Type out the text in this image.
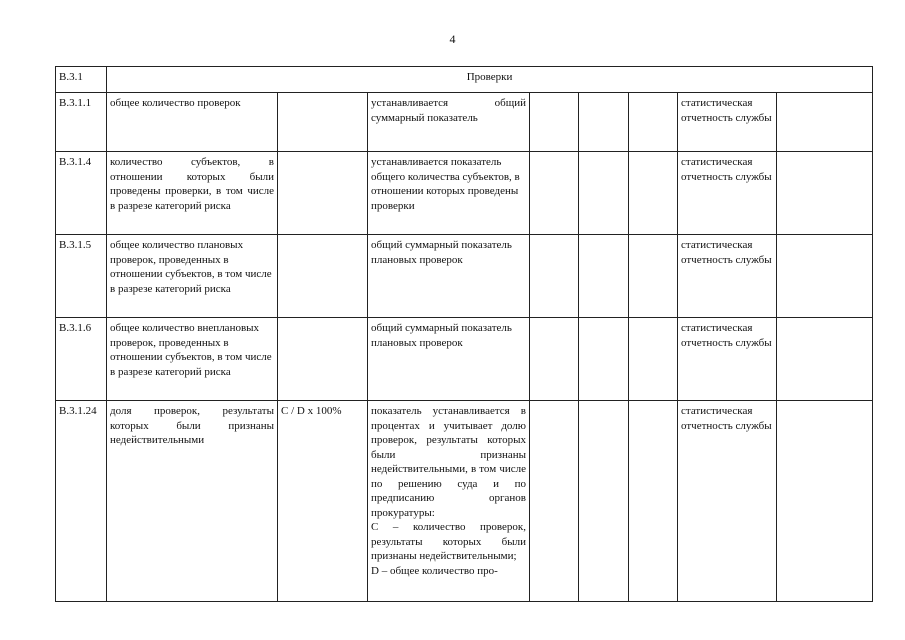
4
B.3.1	Проверки							
B.3.1.1	общее количество проверок		устанавливается общий суммарный показатель				статистическая отчетность службы	
B.3.1.4	количество субъектов, в отношении которых были проведены проверки, в том числе в разрезе категорий риска		устанавливается показатель общего количества субъектов, в отношении которых проведены проверки				статистическая отчетность службы	
B.3.1.5	общее количество плановых проверок, проведенных в отношении субъектов, в том числе в разрезе категорий риска		общий суммарный показатель плановых проверок				статистическая отчетность службы	
B.3.1.6	общее количество внеплановых проверок, проведенных в отношении субъектов, в том числе в разрезе категорий риска		общий суммарный показатель плановых проверок				статистическая отчетность службы	
B.3.1.24	доля проверок, результаты которых были признаны недействительными	C / D x 100%	показатель устанавливается в процентах и учитывает долю проверок, результаты которых были признаны недействительными, в том числе по решению суда и по предписанию органов прокуратуры:
C – количество проверок, результаты которых были признаны недействительными;
D – общее количество про-				статистическая отчетность службы	
